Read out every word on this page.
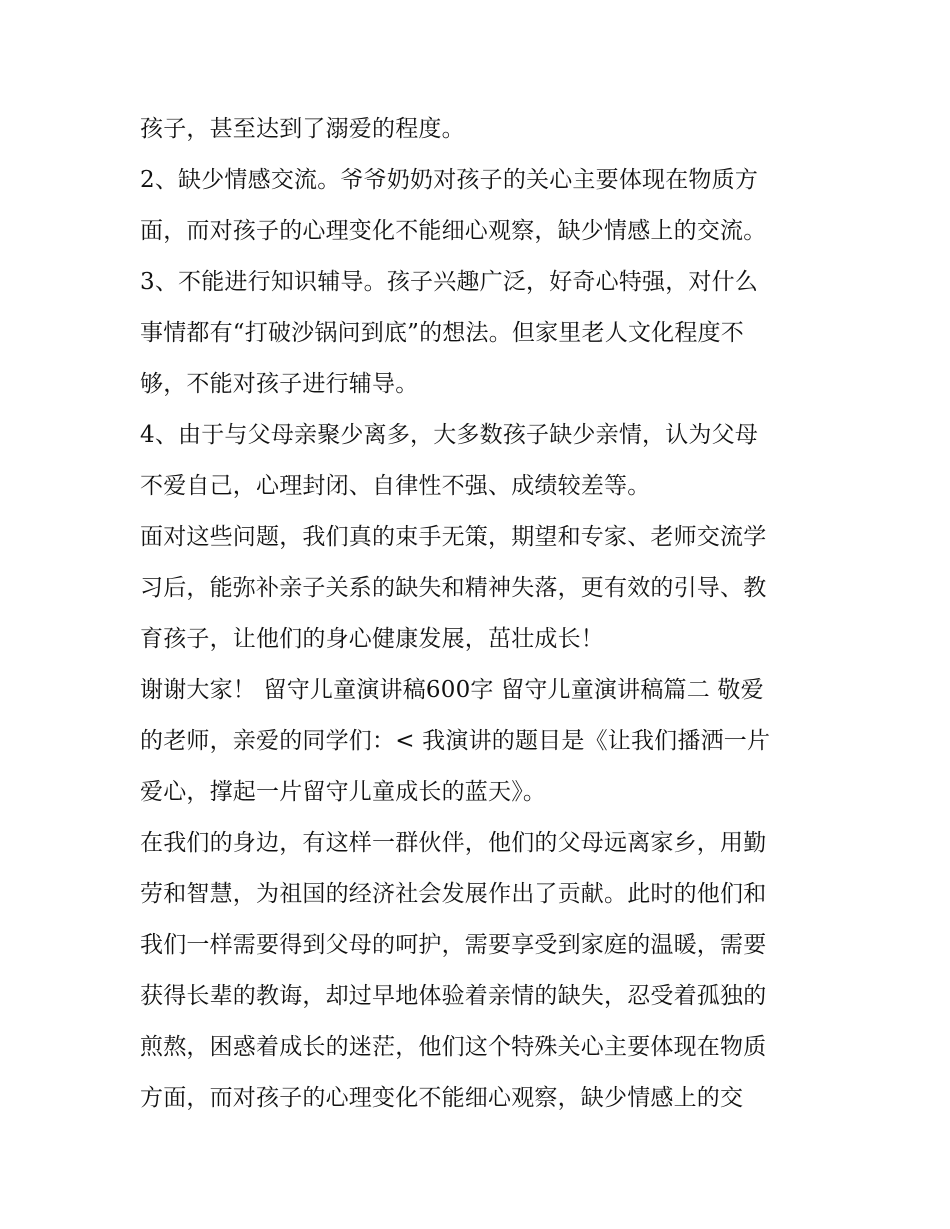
孩子，甚至达到了溺爱的程度。
2、缺少情感交流。爷爷奶奶对孩子的关心主要体现在物质方
面，而对孩子的心理变化不能细心观察，缺少情感上的交流。
3、不能进行知识辅导。孩子兴趣广泛，好奇心特强，对什么
事情都有“打破沙锅问到底”的想法。但家里老人文化程度不
够，不能对孩子进行辅导。
4、由于与父母亲聚少离多，大多数孩子缺少亲情，认为父母
不爱自己，心理封闭、自律性不强、成绩较差等。
面对这些问题，我们真的束手无策，期望和专家、老师交流学
习后，能弥补亲子关系的缺失和精神失落，更有效的引导、教
育孩子，让他们的身心健康发展，茁壮成长！
谢谢大家！ 留守儿童演讲稿600字 留守儿童演讲稿篇二 敬爱
的老师，亲爱的同学们：< 我演讲的题目是《让我们播洒一片
爱心，撑起一片留守儿童成长的蓝天》。
在我们的身边，有这样一群伙伴，他们的父母远离家乡，用勤
劳和智慧，为祖国的经济社会发展作出了贡献。此时的他们和
我们一样需要得到父母的呵护，需要享受到家庭的温暖，需要
获得长辈的教诲，却过早地体验着亲情的缺失，忍受着孤独的
煎熬，困惑着成长的迷茫，他们这个特殊关心主要体现在物质
方面，而对孩子的心理变化不能细心观察，缺少情感上的交
